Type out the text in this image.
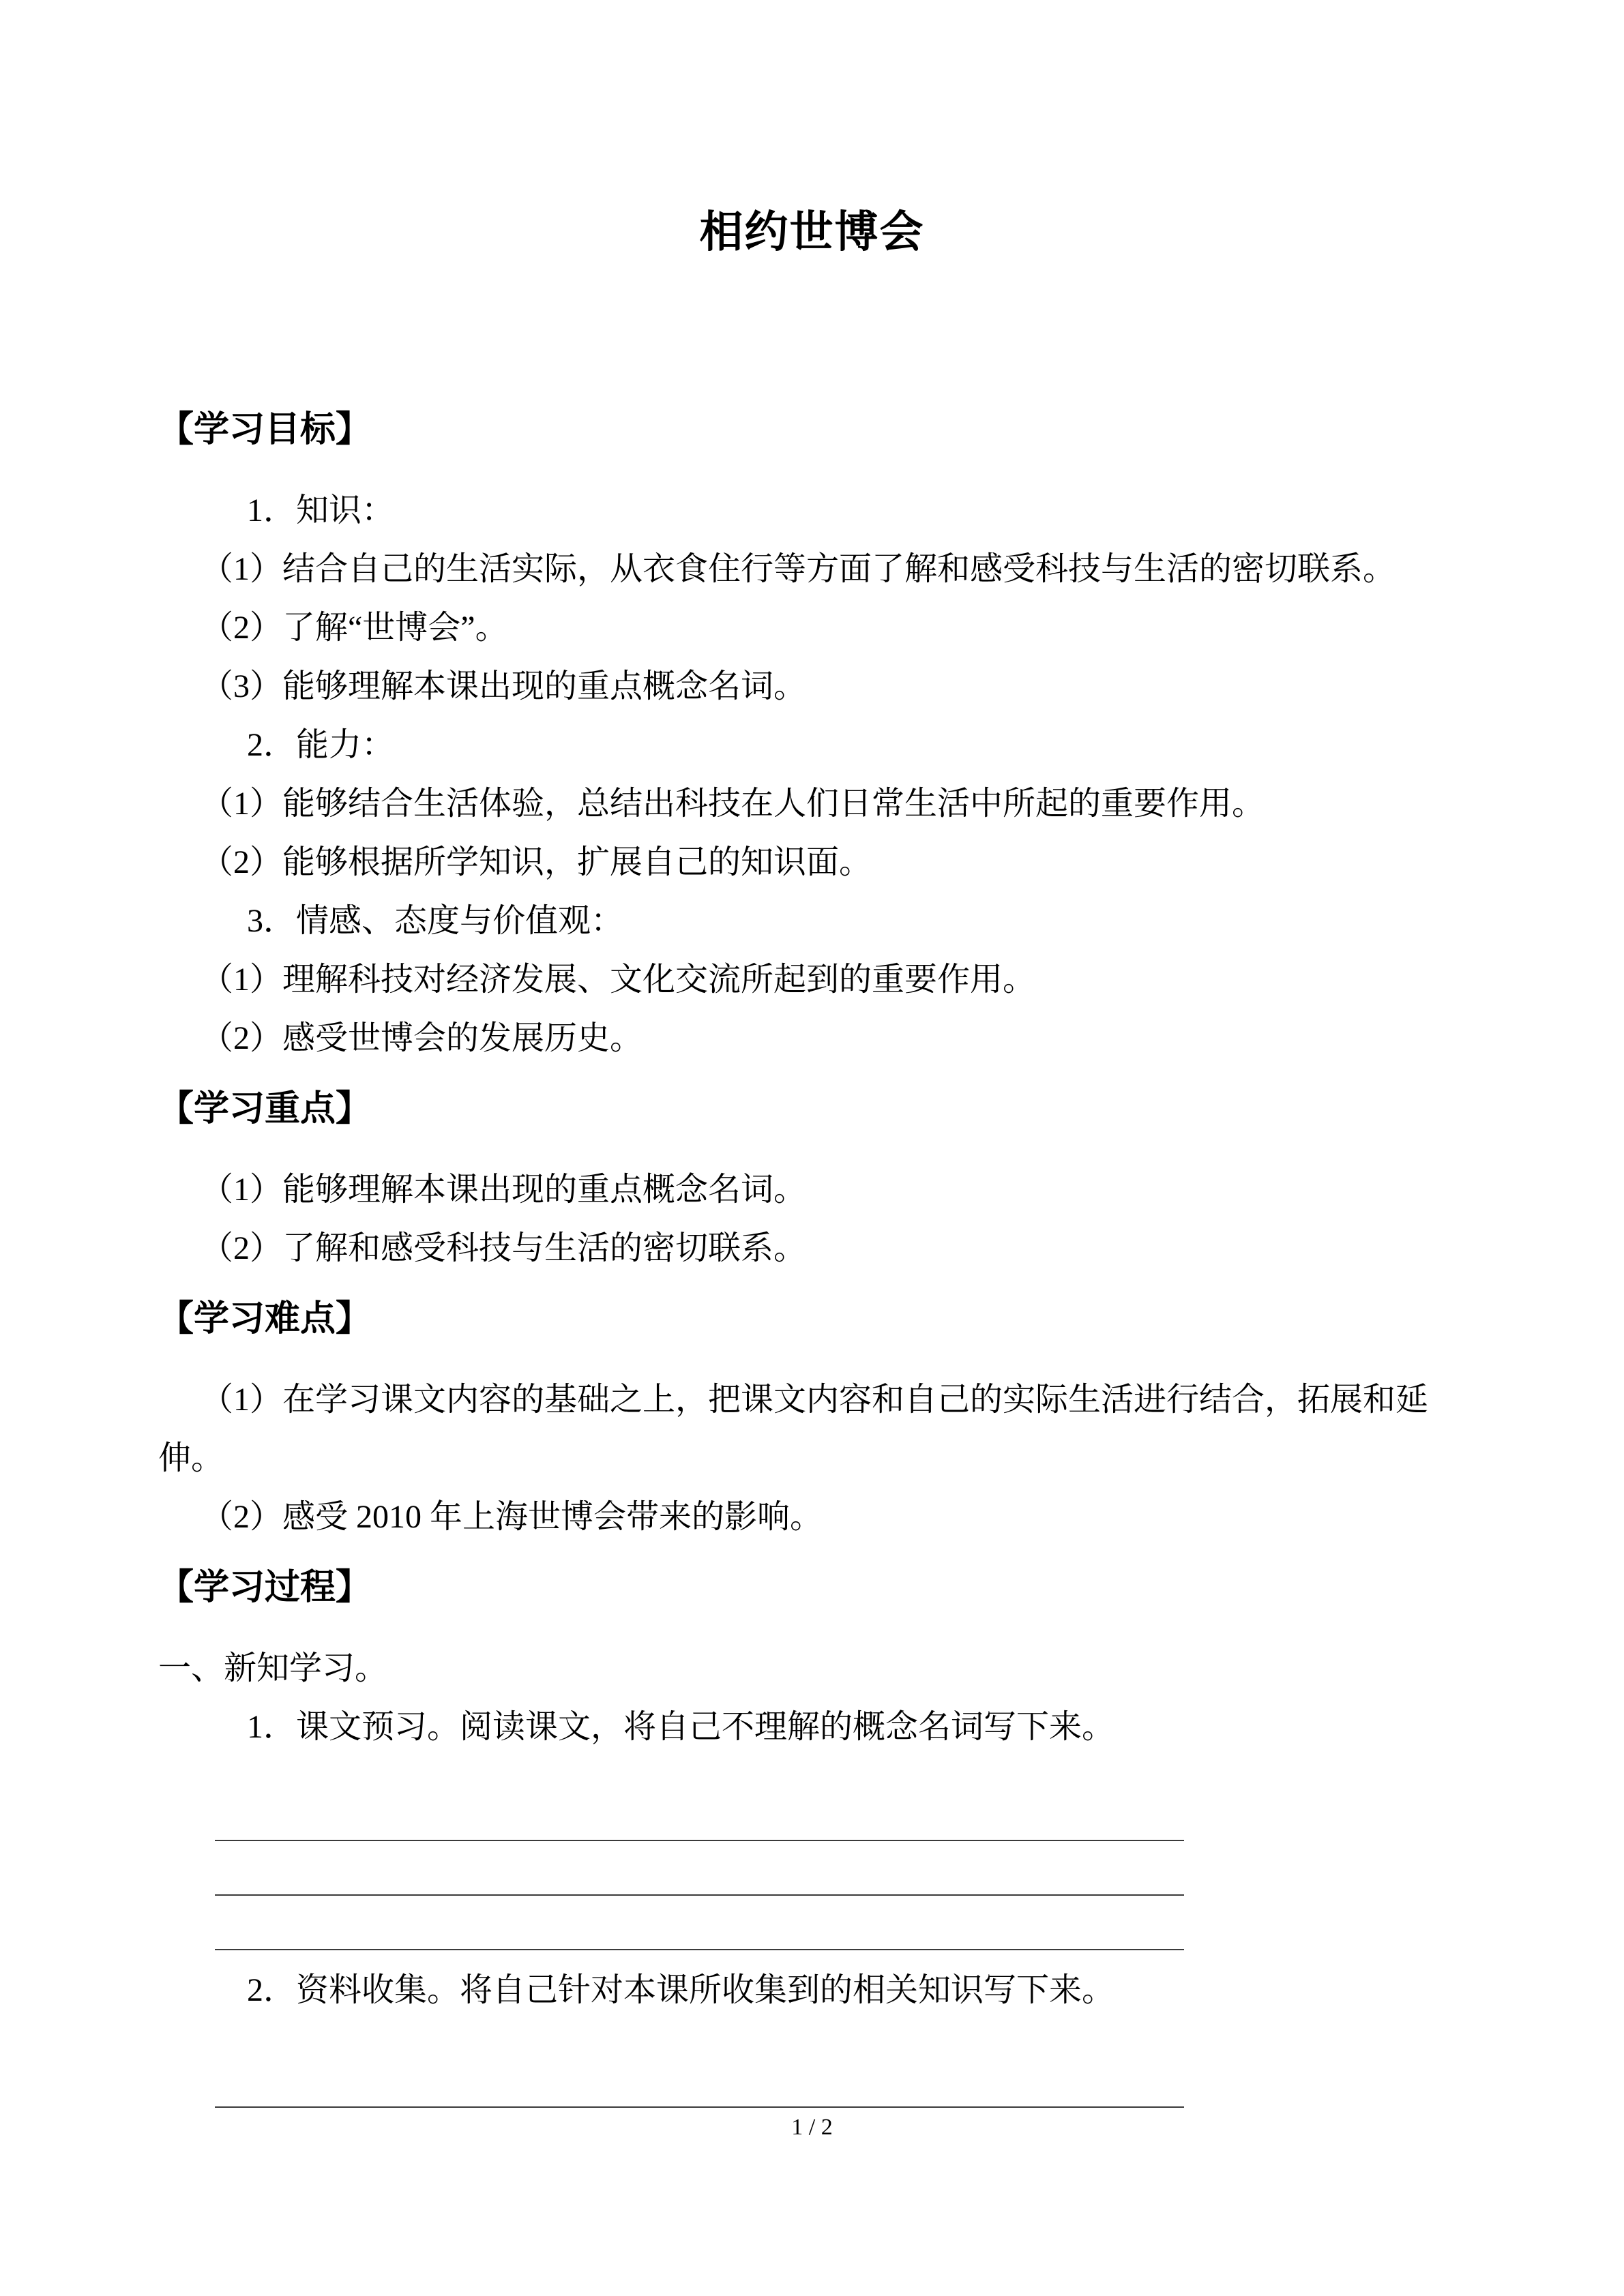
相约世博会
【学习目标】

1．知识：

（1）结合自己的生活实际，从衣食住行等方面了解和感受科技与生活的密切联系。

（2）了解“世博会”。

（3）能够理解本课出现的重点概念名词。

2．能力：

（1）能够结合生活体验，总结出科技在人们日常生活中所起的重要作用。

（2）能够根据所学知识，扩展自己的知识面。

3．情感、态度与价值观：

（1）理解科技对经济发展、文化交流所起到的重要作用。

（2）感受世博会的发展历史。

【学习重点】

（1）能够理解本课出现的重点概念名词。

（2）了解和感受科技与生活的密切联系。

【学习难点】

（1）在学习课文内容的基础之上，把课文内容和自己的实际生活进行结合，拓展和延伸。

（2）感受 2010 年上海世博会带来的影响。

【学习过程】

一、新知学习。

1．课文预习。阅读课文，将自己不理解的概念名词写下来。

2．资料收集。将自己针对本课所收集到的相关知识写下来。

1 / 2
